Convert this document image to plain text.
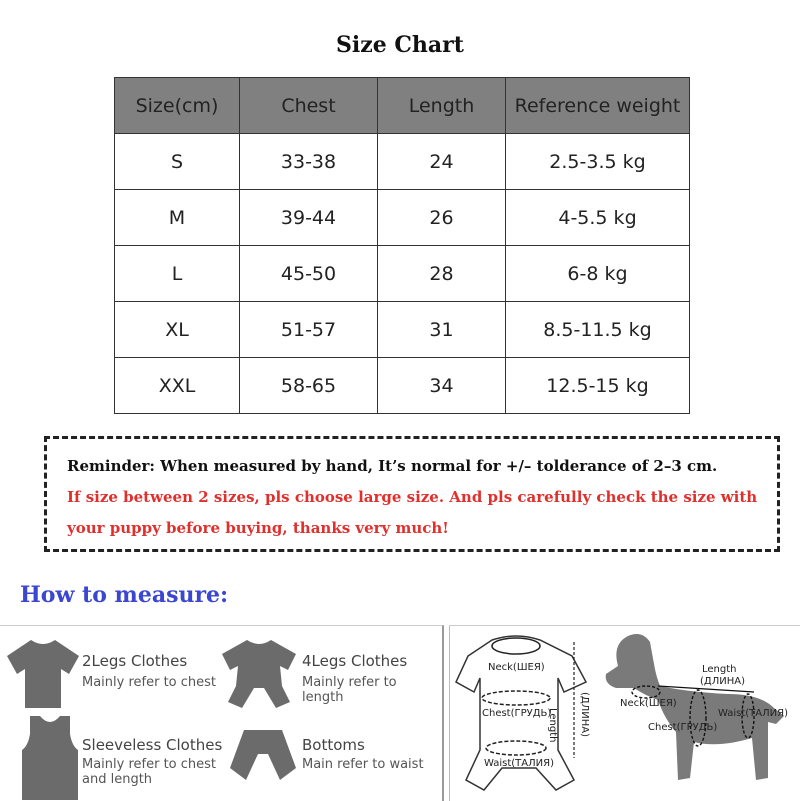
Size Chart
Size(cm)	Chest	Length	Reference weight
S	33-38	24	2.5-3.5 kg
M	39-44	26	4-5.5 kg
L	45-50	28	6-8 kg
XL	51-57	31	8.5-11.5 kg
XXL	58-65	34	12.5-15 kg
Reminder: When measured by hand, It’s normal for +/– tolderance of 2–3 cm.
If size between 2 sizes, pls choose large size. And pls carefully check the size with
your puppy before buying, thanks very much!
How to measure:
2Legs Clothes
Mainly refer to chest
4Legs Clothes
Mainly refer to length
Sleeveless Clothes
Mainly refer to chest and length
Bottoms
Main refer to waist
Neck(ШЕЯ)
Chest(ГРУДЬ)
Waist(ТАЛИЯ)
Length (ДЛИНА)
Length
(ДЛИНА)
Neck(ШЕЯ)
Chest(ГРУДЬ)
Waist(ТАЛИЯ)
